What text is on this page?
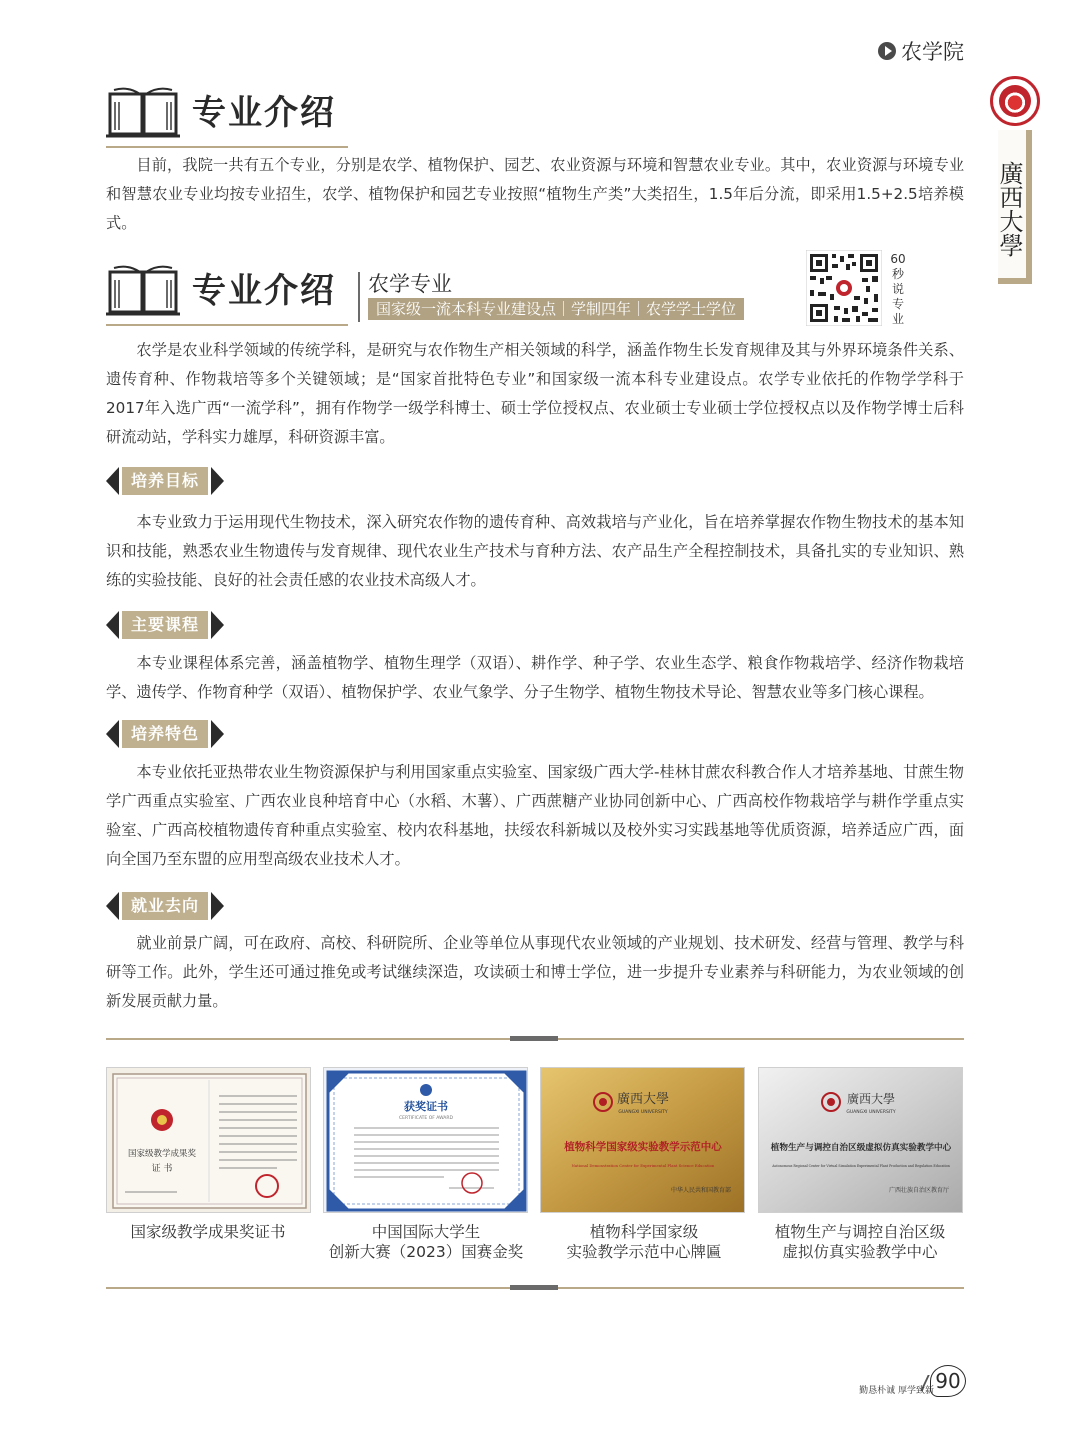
农学院
廣西大學
专业介绍

目前，我院一共有五个专业，分别是农学、植物保护、园艺、农业资源与环境和智慧农业专业。其中，农业资源与环境专业和智慧农业专业均按专业招生，农学、植物保护和园艺专业按照“植物生产类”大类招生，1.5年后分流，即采用1.5+2.5培养模式。

专业介绍 农学专业
国家级一流本科专业建设点｜学制四年｜农学学士学位
60秒说专业

农学是农业科学领域的传统学科，是研究与农作物生产相关领域的科学，涵盖作物生长发育规律及其与外界环境条件关系、遗传育种、作物栽培等多个关键领域；是“国家首批特色专业”和国家级一流本科专业建设点。农学专业依托的作物学学科于2017年入选广西“一流学科”，拥有作物学一级学科博士、硕士学位授权点、农业硕士专业硕士学位授权点以及作物学博士后科研流动站，学科实力雄厚，科研资源丰富。

培养目标

本专业致力于运用现代生物技术，深入研究农作物的遗传育种、高效栽培与产业化，旨在培养掌握农作物生物技术的基本知识和技能，熟悉农业生物遗传与发育规律、现代农业生产技术与育种方法、农产品生产全程控制技术，具备扎实的专业知识、熟练的实验技能、良好的社会责任感的农业技术高级人才。

主要课程

本专业课程体系完善，涵盖植物学、植物生理学（双语）、耕作学、种子学、农业生态学、粮食作物栽培学、经济作物栽培学、遗传学、作物育种学（双语）、植物保护学、农业气象学、分子生物学、植物生物技术导论、智慧农业等多门核心课程。

培养特色

本专业依托亚热带农业生物资源保护与利用国家重点实验室、国家级广西大学-桂林甘蔗农科教合作人才培养基地、甘蔗生物学广西重点实验室、广西农业良种培育中心（水稻、木薯）、广西蔗糖产业协同创新中心、广西高校作物栽培学与耕作学重点实验室、广西高校植物遗传育种重点实验室、校内农科基地，扶绥农科新城以及校外实习实践基地等优质资源，培养适应广西，面向全国乃至东盟的应用型高级农业技术人才。

就业去向

就业前景广阔，可在政府、高校、科研院所、企业等单位从事现代农业领域的产业规划、技术研发、经营与管理、教学与科研等工作。此外，学生还可通过推免或考试继续深造，攻读硕士和博士学位，进一步提升专业素养与科研能力，为农业领域的创新发展贡献力量。

国家级教学成果奖
证 书
国家级教学成果奖证书
获奖证书
CERTIFICATE OF AWARD
中国国际大学生
创新大赛（2023）国赛金奖
廣西大學
GUANGXI UNIVERSITY
植物科学国家级实验教学示范中心
National Demonstration Center for Experimental Plant Science Education
中华人民共和国教育部
植物科学国家级
实验教学示范中心牌匾
廣西大學
GUANGXI UNIVERSITY
植物生产与调控自治区级虚拟仿真实验教学中心
Autonomous Regional Center for Virtual Simulation Experimental Plant Production and Regulation Education
广西壮族自治区教育厅
植物生产与调控自治区级
虚拟仿真实验教学中心
勤恳朴诚 厚学致新 90
